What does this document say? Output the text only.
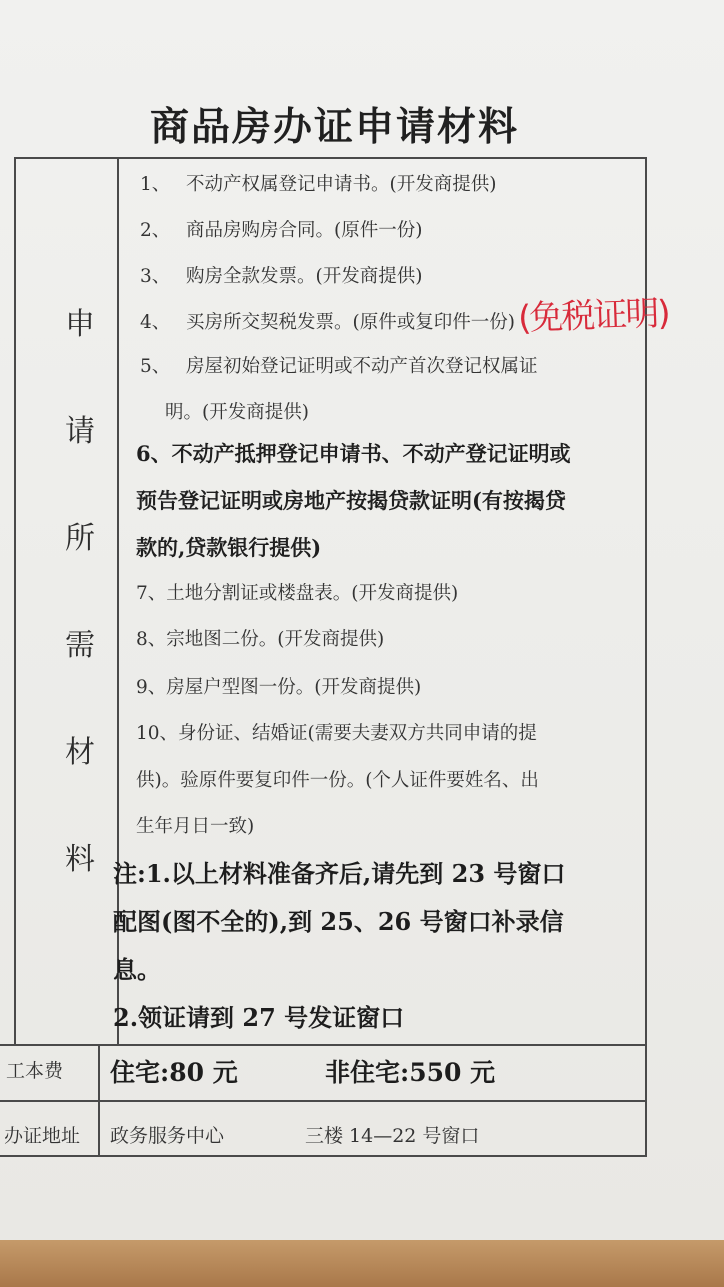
商品房办证申请材料
申
请
所
需
材
料
1、 不动产权属登记申请书。(开发商提供)
2、 商品房购房合同。(原件一份)
3、 购房全款发票。(开发商提供)
4、 买房所交契税发票。(原件或复印件一份)
5、 房屋初始登记证明或不动产首次登记权属证
明。(开发商提供)
(免税证明)
6、不动产抵押登记申请书、不动产登记证明或
预告登记证明或房地产按揭贷款证明(有按揭贷
款的,贷款银行提供)
7、土地分割证或楼盘表。(开发商提供)
8、宗地图二份。(开发商提供)
9、房屋户型图一份。(开发商提供)
10、身份证、结婚证(需要夫妻双方共同申请的提
供)。验原件要复印件一份。(个人证件要姓名、出
生年月日一致)
注:1.以上材料准备齐后,请先到 23 号窗口
配图(图不全的),到 25、26 号窗口补录信
息。
2.领证请到 27 号发证窗口
工本费 住宅:80 元	非住宅:550 元
办证地址 政务服务中心	三楼 14—22 号窗口
